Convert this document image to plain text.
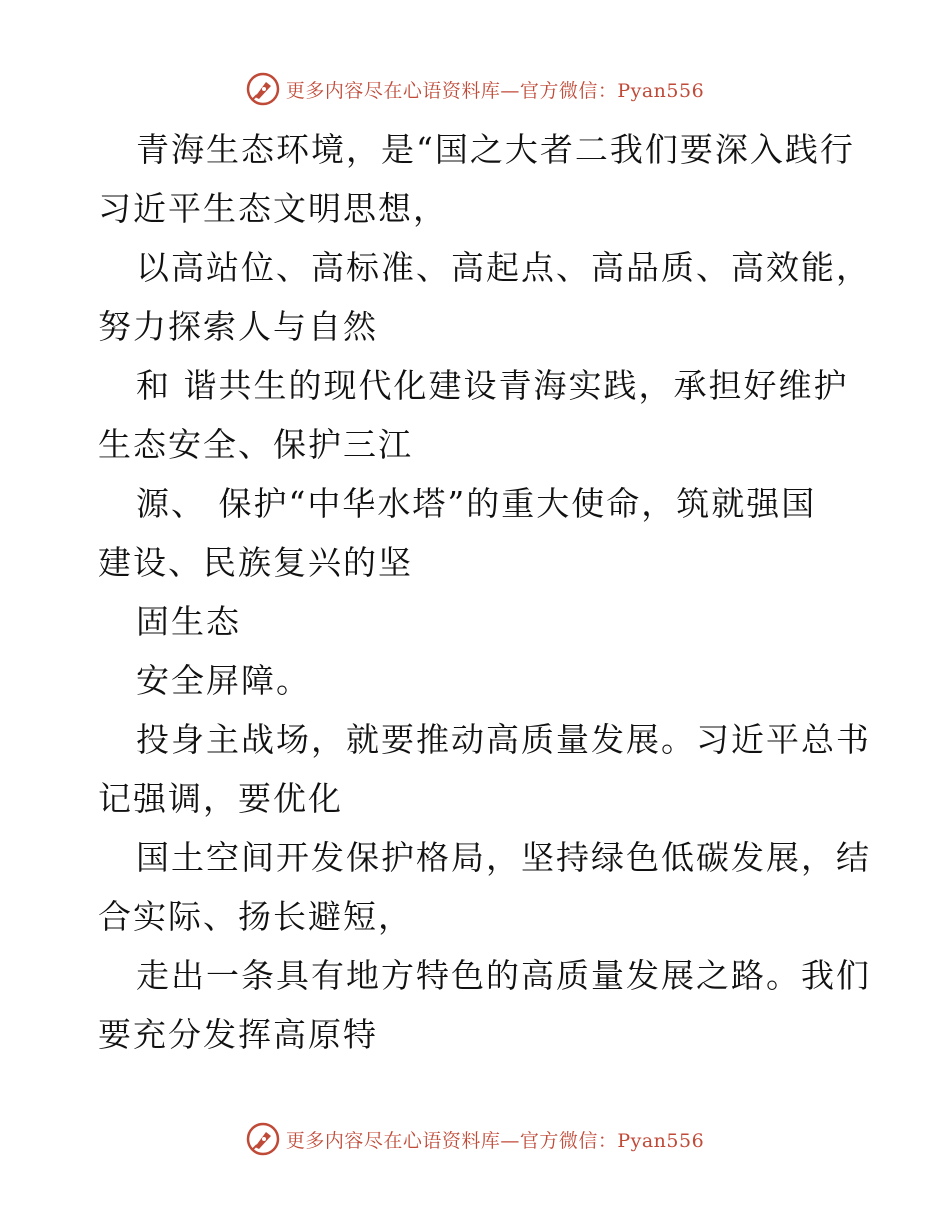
更多内容尽在心语资料库—官方微信：Pyan556
青海生态环境，是“国之大者二我们要深入践行
习近平生态文明思想，
以高站位、高标准、高起点、高品质、高效能，
努力探索人与自然
和 谐共生的现代化建设青海实践，承担好维护
生态安全、保护三江
源、 保护“中华水塔”的重大使命，筑就强国
建设、民族复兴的坚
固生态
安全屏障。
投身主战场，就要推动高质量发展。习近平总书
记强调，要优化
国土空间开发保护格局，坚持绿色低碳发展，结
合实际、扬长避短，
走出一条具有地方特色的高质量发展之路。我们
要充分发挥高原特
更多内容尽在心语资料库—官方微信：Pyan556
